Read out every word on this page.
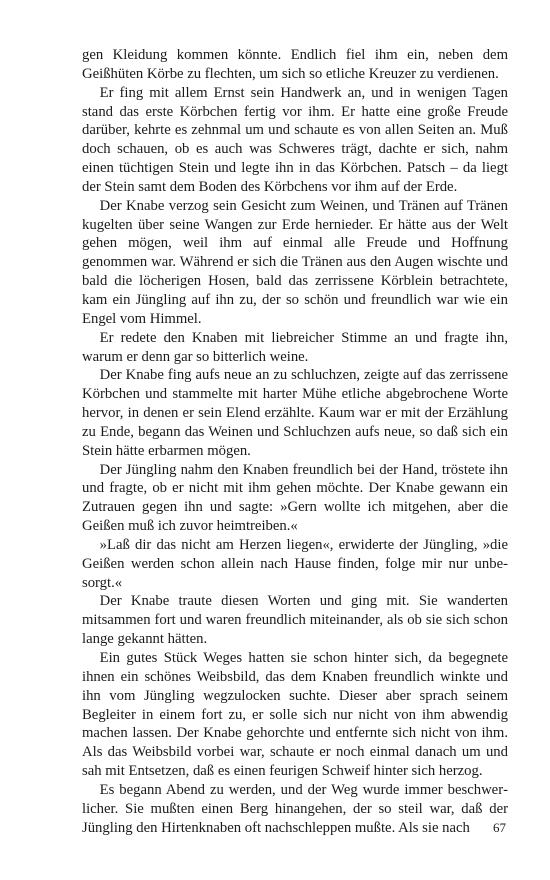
gen Kleidung kommen könnte. Endlich fiel ihm ein, neben dem Geißhüten Körbe zu flechten, um sich so etliche Kreuzer zu verdienen.

Er fing mit allem Ernst sein Handwerk an, und in wenigen Tagen stand das erste Körbchen fertig vor ihm. Er hatte eine große Freude darüber, kehrte es zehnmal um und schaute es von allen Seiten an. Muß doch schauen, ob es auch was Schweres trägt, dachte er sich, nahm einen tüchtigen Stein und legte ihn in das Körbchen. Patsch – da liegt der Stein samt dem Boden des Körbchens vor ihm auf der Erde.

Der Knabe verzog sein Gesicht zum Weinen, und Tränen auf Tränen kugelten über seine Wangen zur Erde hernieder. Er hätte aus der Welt gehen mögen, weil ihm auf einmal alle Freude und Hoffnung genommen war. Während er sich die Tränen aus den Augen wischte und bald die löcherigen Hosen, bald das zerrissene Körblein betrachtete, kam ein Jüngling auf ihn zu, der so schön und freundlich war wie ein Engel vom Himmel.

Er redete den Knaben mit liebreicher Stimme an und fragte ihn, warum er denn gar so bitterlich weine.

Der Knabe fing aufs neue an zu schluchzen, zeigte auf das zerrissene Körbchen und stammelte mit harter Mühe etliche abgebrochene Worte hervor, in denen er sein Elend erzählte. Kaum war er mit der Erzählung zu Ende, begann das Weinen und Schluchzen aufs neue, so daß sich ein Stein hätte erbarmen mögen.

Der Jüngling nahm den Knaben freundlich bei der Hand, tröstete ihn und fragte, ob er nicht mit ihm gehen möchte. Der Knabe gewann ein Zutrauen gegen ihn und sagte: »Gern wollte ich mitgehen, aber die Geißen muß ich zuvor heimtreiben.«

»Laß dir das nicht am Herzen liegen«, erwiderte der Jüngling, »die Geißen werden schon allein nach Hause finden, folge mir nur unbesorgt.«

Der Knabe traute diesen Worten und ging mit. Sie wanderten mitsammen fort und waren freundlich miteinander, als ob sie sich schon lange gekannt hätten.

Ein gutes Stück Weges hatten sie schon hinter sich, da begegnete ihnen ein schönes Weibsbild, das dem Knaben freundlich winkte und ihn vom Jüngling wegzulocken suchte. Dieser aber sprach seinem Begleiter in einem fort zu, er solle sich nur nicht von ihm abwendig machen lassen. Der Knabe gehorchte und entfernte sich nicht von ihm. Als das Weibsbild vorbei war, schaute er noch einmal danach um und sah mit Entsetzen, daß es einen feurigen Schweif hinter sich herzog.

Es begann Abend zu werden, und der Weg wurde immer beschwerlicher. Sie mußten einen Berg hinangehen, der so steil war, daß der Jüngling den Hirtenknaben oft nachschleppen mußte. Als sie nach	67
